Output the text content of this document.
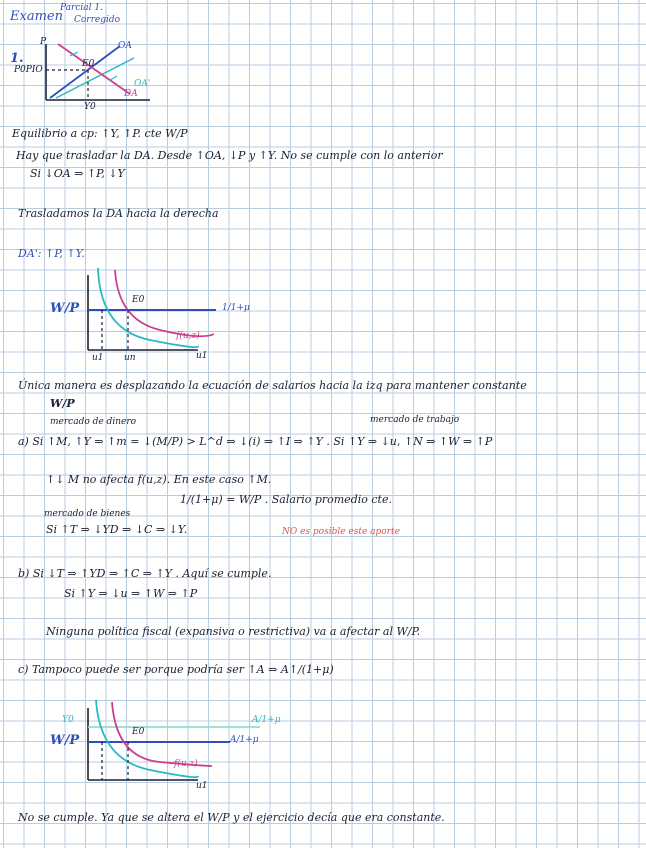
Examen
Parcial 1.
Corregido
1.
P
P0PIO
E0
Y0
OA
DA
OA'
Equilibrio a cp: ↑Y, ↑P. cte W/P
Hay que trasladar la DA. Desde ↑OA, ↓P y ↑Y. No se cumple con lo anterior
Si ↓OA ⇒ ↑P, ↓Y
Trasladamos la DA hacia la derecha
DA': ↑P, ↑Y.
W/P
E0
1/1+μ
f(u,z)
u1 un	u1
Única manera es desplazando la ecuación de salarios hacia la izq para mantener constante
W/P
mercado de dinero	mercado de trabajo
a) Si ↑M, ↑Y ⇒ ↑m = ↓(M/P) > L^d ⇒ ↓(i) ⇒ ↑I ⇒ ↑Y . Si ↑Y ⇒ ↓u, ↑N ⇒ ↑W ⇒ ↑P
↑↓ M no afecta f(u,z). En este caso ↑M.
1/(1+μ) = W/P . Salario promedio cte.
mercado de bienes
Si ↑T ⇒ ↓YD ⇒ ↓C ⇒ ↓Y.	NO es posible este aporte
b) Si ↓T ⇒ ↑YD ⇒ ↑C ⇒ ↑Y . Aquí se cumple.
Si ↑Y ⇒ ↓u ⇒ ↑W ⇒ ↑P
Ninguna política fiscal (expansiva o restrictiva) va a afectar al W/P.
c) Tampoco puede ser porque podría ser ↑A ⇒ A↑/(1+μ)
W/P
E0
A/1+μ
A/1+μ
f(u,z)
Y0
u1
No se cumple. Ya que se altera el W/P y el ejercicio decía que era constante.
